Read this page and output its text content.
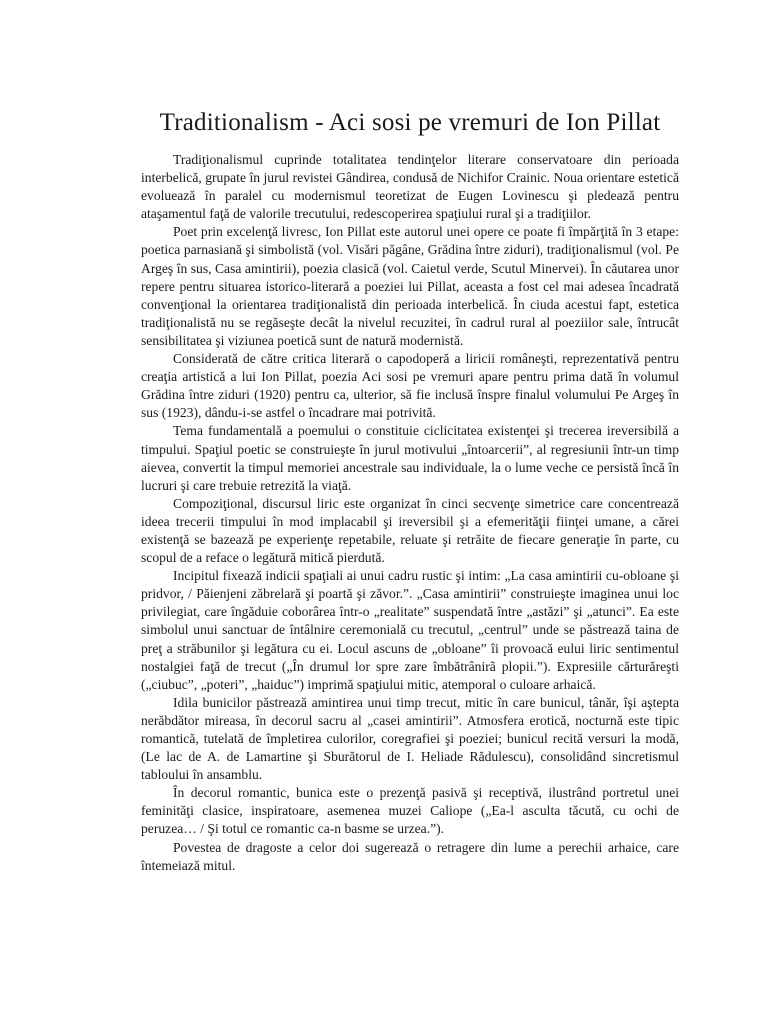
Traditionalism - Aci sosi pe vremuri de Ion Pillat

Tradiţionalismul cuprinde totalitatea tendinţelor literare conservatoare din perioada interbelică, grupate în jurul revistei Gândirea, condusă de Nichifor Crainic. Noua orientare estetică evoluează în paralel cu modernismul teoretizat de Eugen Lovinescu şi pledează pentru ataşamentul faţă de valorile trecutului, redescoperirea spaţiului rural şi a tradiţiilor.

Poet prin excelenţă livresc, Ion Pillat este autorul unei opere ce poate fi împărţită în 3 etape: poetica parnasiană şi simbolistă (vol. Visări păgâne, Grădina între ziduri), tradiţionalismul (vol. Pe Argeş în sus, Casa amintirii), poezia clasică (vol. Caietul verde, Scutul Minervei). În căutarea unor repere pentru situarea istorico-literară a poeziei lui Pillat, aceasta a fost cel mai adesea încadrată convenţional la orientarea tradiţionalistă din perioada interbelică. În ciuda acestui fapt, estetica tradiţionalistă nu se regăseşte decât la nivelul recuzitei, în cadrul rural al poeziilor sale, întrucât sensibilitatea şi viziunea poetică sunt de natură modernistă.

Considerată de către critica literară o capodoperă a liricii româneşti, reprezentativă pentru creaţia artistică a lui Ion Pillat, poezia Aci sosi pe vremuri apare pentru prima dată în volumul Grădina între ziduri (1920) pentru ca, ulterior, să fie inclusă înspre finalul volumului Pe Argeş în sus (1923), dându-i-se astfel o încadrare mai potrivită.

Tema fundamentală a poemului o constituie ciclicitatea existenţei şi trecerea ireversibilă a timpului. Spaţiul poetic se construieşte în jurul motivului „întoarcerii”, al regresiunii într-un timp aievea, convertit la timpul memoriei ancestrale sau individuale, la o lume veche ce persistă încă în lucruri şi care trebuie retrezită la viaţă.

Compoziţional, discursul liric este organizat în cinci secvenţe simetrice care concentrează ideea trecerii timpului în mod implacabil şi ireversibil şi a efemerităţii fiinţei umane, a cărei existenţă se bazează pe experienţe repetabile, reluate şi retrăite de fiecare generaţie în parte, cu scopul de a reface o legătură mitică pierdută.

Incipitul fixează indicii spaţiali ai unui cadru rustic şi intim: „La casa amintirii cu-obloane şi pridvor, / Păienjeni zăbrelară şi poartă şi zăvor.”. „Casa amintirii” construieşte imaginea unui loc privilegiat, care îngăduie coborârea într-o „realitate” suspendată între „astăzi” şi „atunci”. Ea este simbolul unui sanctuar de întâlnire ceremonială cu trecutul, „centrul” unde se păstrează taina de preţ a străbunilor şi legătura cu ei. Locul ascuns de „obloane” îi provoacă eului liric sentimentul nostalgiei faţă de trecut („În drumul lor spre zare îmbătrânirã plopii.”). Expresiile cărturăreşti („ciubuc”, „poteri”, „haiduc”) imprimă spaţiului mitic, atemporal o culoare arhaică.

Idila bunicilor păstrează amintirea unui timp trecut, mitic în care bunicul, tânăr, îşi aştepta nerăbdător mireasa, în decorul sacru al „casei amintirii”. Atmosfera erotică, nocturnă este tipic romantică, tutelată de împletirea culorilor, coregrafiei şi poeziei; bunicul recită versuri la modă, (Le lac de A. de Lamartine şi Sburătorul de I. Heliade Rădulescu), consolidând sincretismul tabloului în ansamblu.

În decorul romantic, bunica este o prezenţă pasivă şi receptivă, ilustrând portretul unei feminităţi clasice, inspiratoare, asemenea muzei Caliope („Ea-l asculta tăcută, cu ochi de peruzea… / Şi totul ce romantic ca-n basme se urzea.”).

Povestea de dragoste a celor doi sugerează o retragere din lume a perechii arhaice, care întemeiază mitul.
